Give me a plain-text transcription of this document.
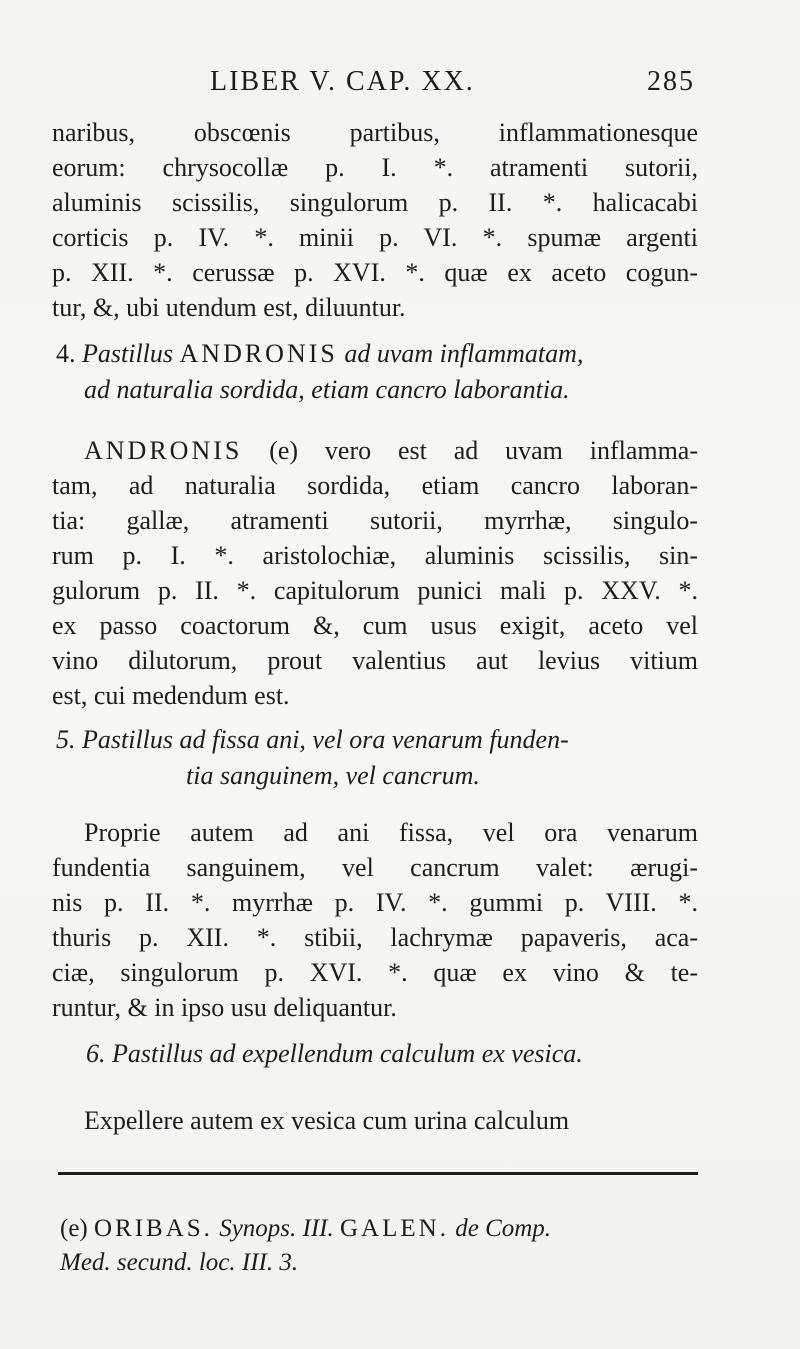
LIBER V. CAP. XX.	285
naribus, obscœnis partibus, inflammationesque
eorum: chrysocollæ p. I. *. atramenti sutorii,
aluminis scissilis, singulorum p. II. *. halicacabi
corticis p. IV. *. minii p. VI. *. spumæ argenti
p. XII. *. cerussæ p. XVI. *. quæ ex aceto cogun-
tur, &, ubi utendum est, diluuntur.
4. Pastillus ANDRONIS ad uvam inflammatam,
ad naturalia sordida, etiam cancro laborantia.
ANDRONIS (e) vero est ad uvam inflamma-
tam, ad naturalia sordida, etiam cancro laboran-
tia: gallæ, atramenti sutorii, myrrhæ, singulo-
rum p. I. *. aristolochiæ, aluminis scissilis, sin-
gulorum p. II. *. capitulorum punici mali p. XXV. *.
ex passo coactorum &, cum usus exigit, aceto vel
vino dilutorum, prout valentius aut levius vitium
est, cui medendum est.
5. Pastillus ad fissa ani, vel ora venarum funden-
tia sanguinem, vel cancrum.
Proprie autem ad ani fissa, vel ora venarum
fundentia sanguinem, vel cancrum valet: ærugi-
nis p. II. *. myrrhæ p. IV. *. gummi p. VIII. *.
thuris p. XII. *. stibii, lachrymæ papaveris, aca-
ciæ, singulorum p. XVI. *. quæ ex vino & te-
runtur, & in ipso usu deliquantur.
6. Pastillus ad expellendum calculum ex vesica.
Expellere autem ex vesica cum urina calculum
(e) ORIBAS. Synops. III. GALEN. de Comp.
Med. secund. loc. III. 3.
